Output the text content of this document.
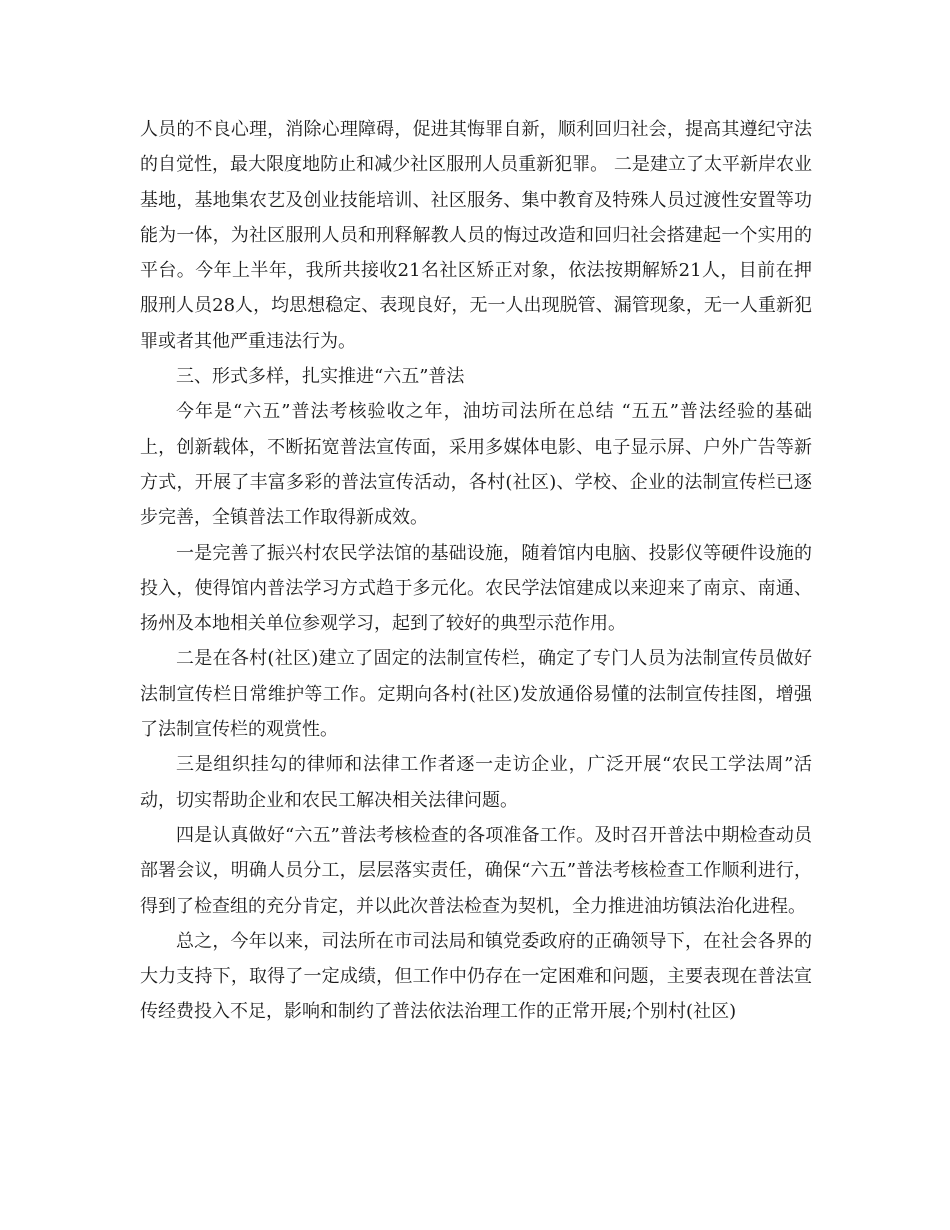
人员的不良心理，消除心理障碍，促进其悔罪自新，顺利回归社会，提高其遵纪守法的自觉性，最大限度地防止和减少社区服刑人员重新犯罪。 二是建立了太平新岸农业基地，基地集农艺及创业技能培训、社区服务、集中教育及特殊人员过渡性安置等功能为一体，为社区服刑人员和刑释解教人员的悔过改造和回归社会搭建起一个实用的平台。今年上半年，我所共接收21名社区矫正对象，依法按期解矫21人，目前在押服刑人员28人，均思想稳定、表现良好，无一人出现脱管、漏管现象，无一人重新犯罪或者其他严重违法行为。

三、形式多样，扎实推进“六五”普法

今年是“六五”普法考核验收之年，油坊司法所在总结 “五五”普法经验的基础上，创新载体，不断拓宽普法宣传面，采用多媒体电影、电子显示屏、户外广告等新方式，开展了丰富多彩的普法宣传活动，各村(社区)、学校、企业的法制宣传栏已逐步完善，全镇普法工作取得新成效。

一是完善了振兴村农民学法馆的基础设施，随着馆内电脑、投影仪等硬件设施的投入，使得馆内普法学习方式趋于多元化。农民学法馆建成以来迎来了南京、南通、扬州及本地相关单位参观学习，起到了较好的典型示范作用。

二是在各村(社区)建立了固定的法制宣传栏，确定了专门人员为法制宣传员做好法制宣传栏日常维护等工作。定期向各村(社区)发放通俗易懂的法制宣传挂图，增强了法制宣传栏的观赏性。

三是组织挂勾的律师和法律工作者逐一走访企业，广泛开展“农民工学法周”活动，切实帮助企业和农民工解决相关法律问题。

四是认真做好“六五”普法考核检查的各项准备工作。及时召开普法中期检查动员部署会议，明确人员分工，层层落实责任，确保“六五”普法考核检查工作顺利进行，得到了检查组的充分肯定，并以此次普法检查为契机，全力推进油坊镇法治化进程。

总之，今年以来，司法所在市司法局和镇党委政府的正确领导下，在社会各界的大力支持下，取得了一定成绩，但工作中仍存在一定困难和问题，主要表现在普法宣传经费投入不足，影响和制约了普法依法治理工作的正常开展;个别村(社区)
